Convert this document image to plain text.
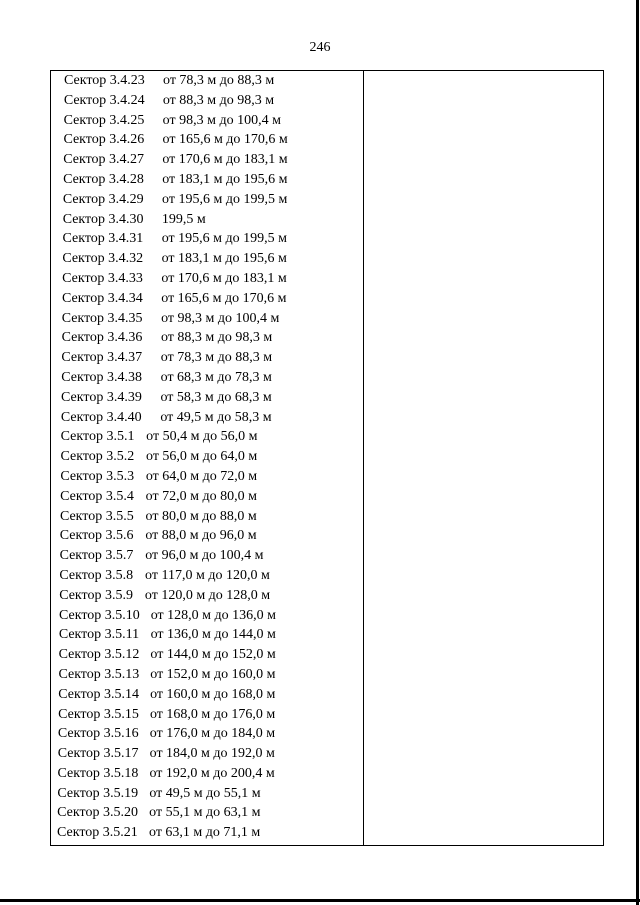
246
Сектор 3.4.23 от 78,3 м до 88,3 м
Сектор 3.4.24 от 88,3 м до 98,3 м
Сектор 3.4.25 от 98,3 м до 100,4 м
Сектор 3.4.26 от 165,6 м до 170,6 м
Сектор 3.4.27 от 170,6 м до 183,1 м
Сектор 3.4.28 от 183,1 м до 195,6 м
Сектор 3.4.29 от 195,6 м до 199,5 м
Сектор 3.4.30 199,5 м
Сектор 3.4.31 от 195,6 м до 199,5 м
Сектор 3.4.32 от 183,1 м до 195,6 м
Сектор 3.4.33 от 170,6 м до 183,1 м
Сектор 3.4.34 от 165,6 м до 170,6 м
Сектор 3.4.35 от 98,3 м до 100,4 м
Сектор 3.4.36 от 88,3 м до 98,3 м
Сектор 3.4.37 от 78,3 м до 88,3 м
Сектор 3.4.38 от 68,3 м до 78,3 м
Сектор 3.4.39 от 58,3 м до 68,3 м
Сектор 3.4.40 от 49,5 м до 58,3 м
Сектор 3.5.1 от 50,4 м до 56,0 м
Сектор 3.5.2 от 56,0 м до 64,0 м
Сектор 3.5.3 от 64,0 м до 72,0 м
Сектор 3.5.4 от 72,0 м до 80,0 м
Сектор 3.5.5 от 80,0 м до 88,0 м
Сектор 3.5.6 от 88,0 м до 96,0 м
Сектор 3.5.7 от 96,0 м до 100,4 м
Сектор 3.5.8 от 117,0 м до 120,0 м
Сектор 3.5.9 от 120,0 м до 128,0 м
Сектор 3.5.10 от 128,0 м до 136,0 м
Сектор 3.5.11 от 136,0 м до 144,0 м
Сектор 3.5.12 от 144,0 м до 152,0 м
Сектор 3.5.13 от 152,0 м до 160,0 м
Сектор 3.5.14 от 160,0 м до 168,0 м
Сектор 3.5.15 от 168,0 м до 176,0 м
Сектор 3.5.16 от 176,0 м до 184,0 м
Сектор 3.5.17 от 184,0 м до 192,0 м
Сектор 3.5.18 от 192,0 м до 200,4 м
Сектор 3.5.19 от 49,5 м до 55,1 м
Сектор 3.5.20 от 55,1 м до 63,1 м
Сектор 3.5.21 от 63,1 м до 71,1 м
